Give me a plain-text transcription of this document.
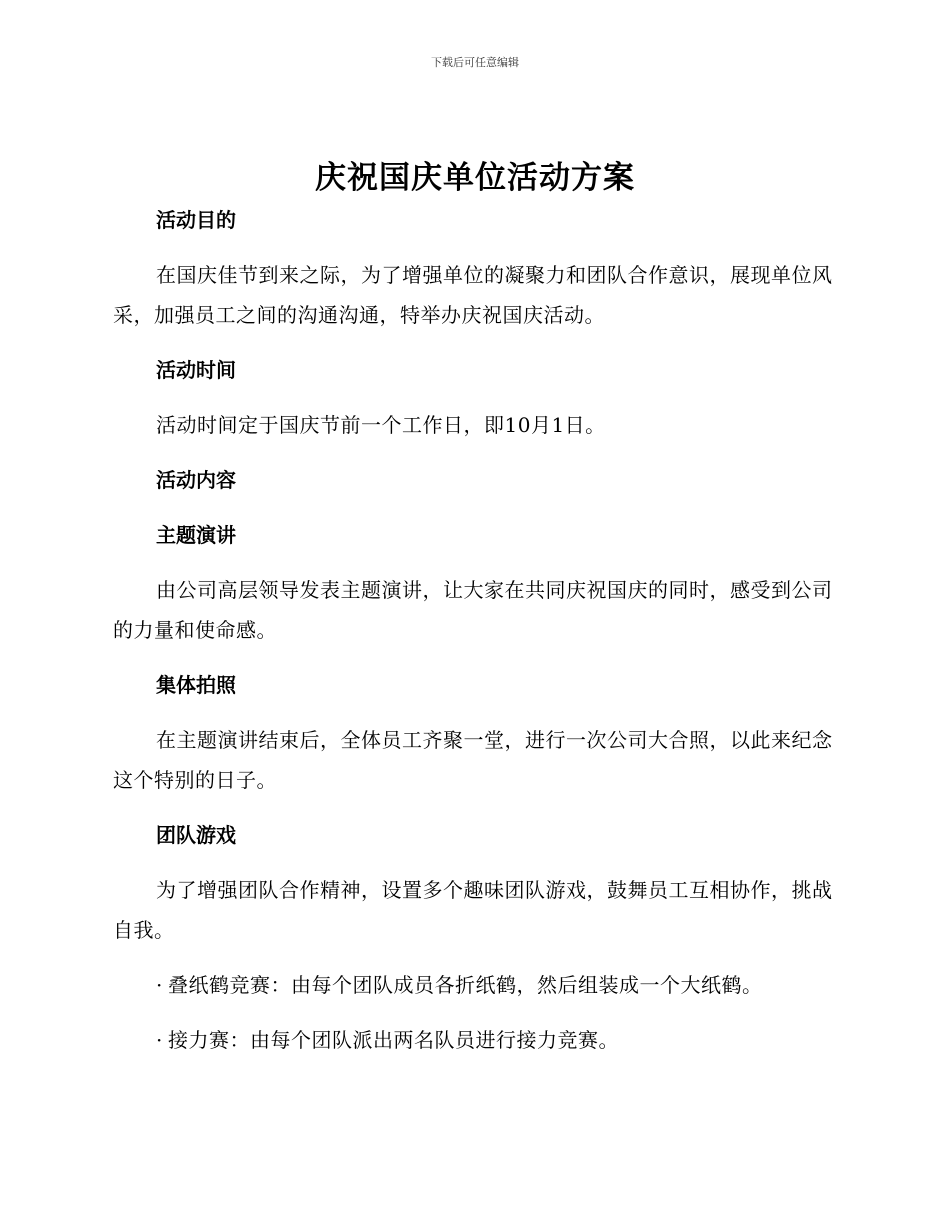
下载后可任意编辑
庆祝国庆单位活动方案
活动目的
在国庆佳节到来之际，为了增强单位的凝聚力和团队合作意识，展现单位风采，加强员工之间的沟通沟通，特举办庆祝国庆活动。
活动时间
活动时间定于国庆节前一个工作日，即10月1日。
活动内容
主题演讲
由公司高层领导发表主题演讲，让大家在共同庆祝国庆的同时，感受到公司的力量和使命感。
集体拍照
在主题演讲结束后，全体员工齐聚一堂，进行一次公司大合照，以此来纪念这个特别的日子。
团队游戏
为了增强团队合作精神，设置多个趣味团队游戏，鼓舞员工互相协作，挑战自我。
· 叠纸鹤竞赛：由每个团队成员各折纸鹤，然后组装成一个大纸鹤。
· 接力赛：由每个团队派出两名队员进行接力竞赛。
